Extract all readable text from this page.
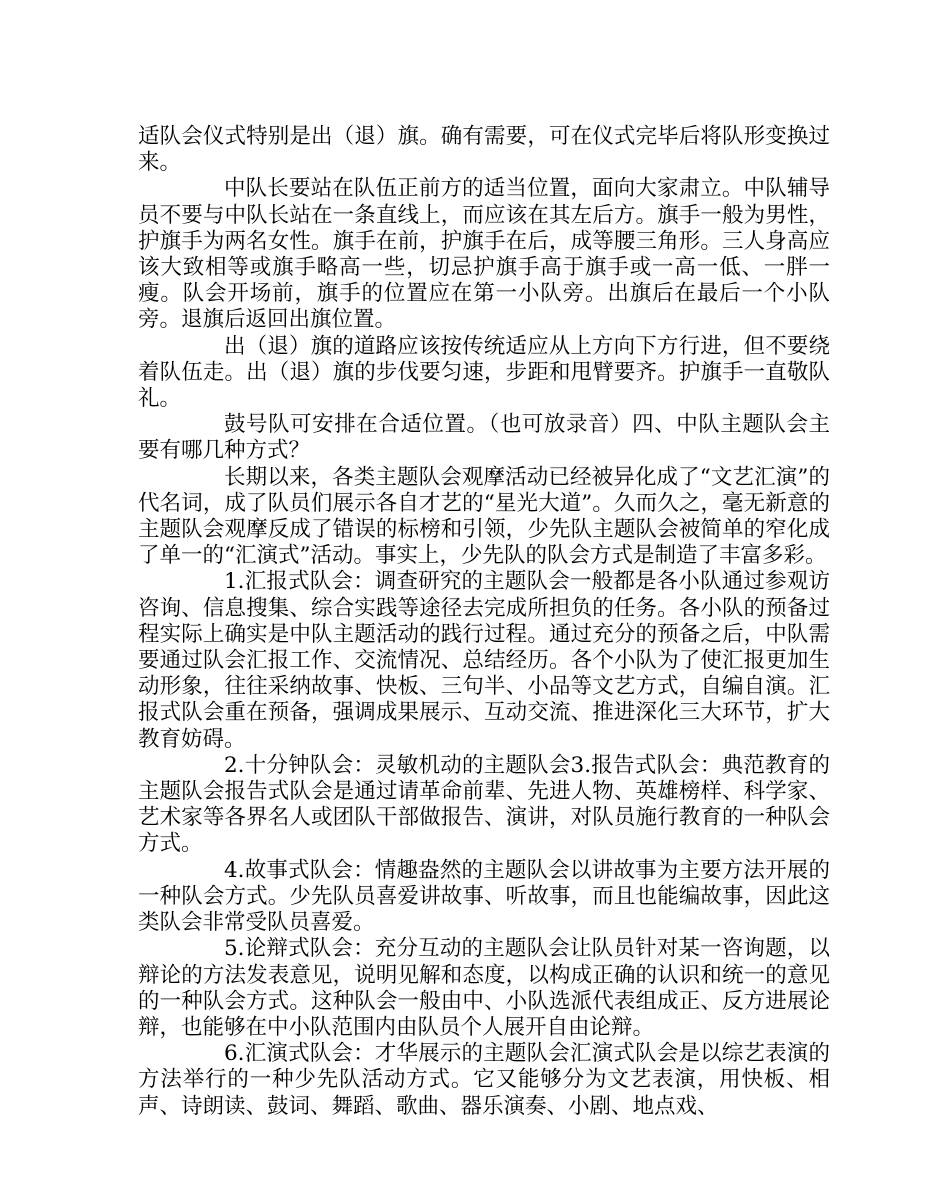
适队会仪式特别是出（退）旗。确有需要，可在仪式完毕后将队形变换过来。

中队长要站在队伍正前方的适当位置，面向大家肃立。中队辅导员不要与中队长站在一条直线上，而应该在其左后方。旗手一般为男性，护旗手为两名女性。旗手在前，护旗手在后，成等腰三角形。三人身高应该大致相等或旗手略高一些，切忌护旗手高于旗手或一高一低、一胖一瘦。队会开场前，旗手的位置应在第一小队旁。出旗后在最后一个小队旁。退旗后返回出旗位置。

出（退）旗的道路应该按传统适应从上方向下方行进，但不要绕着队伍走。出（退）旗的步伐要匀速，步距和甩臂要齐。护旗手一直敬队礼。

鼓号队可安排在合适位置。（也可放录音）四、中队主题队会主要有哪几种方式？

长期以来，各类主题队会观摩活动已经被异化成了“文艺汇演”的代名词，成了队员们展示各自才艺的“星光大道”。久而久之，毫无新意的主题队会观摩反成了错误的标榜和引领，少先队主题队会被简单的窄化成了单一的“汇演式”活动。事实上，少先队的队会方式是制造了丰富多彩。

1.汇报式队会：调查研究的主题队会一般都是各小队通过参观访咨询、信息搜集、综合实践等途径去完成所担负的任务。各小队的预备过程实际上确实是中队主题活动的践行过程。通过充分的预备之后，中队需要通过队会汇报工作、交流情况、总结经历。各个小队为了使汇报更加生动形象，往往采纳故事、快板、三句半、小品等文艺方式，自编自演。汇报式队会重在预备，强调成果展示、互动交流、推进深化三大环节，扩大教育妨碍。

2.十分钟队会：灵敏机动的主题队会3.报告式队会：典范教育的主题队会报告式队会是通过请革命前辈、先进人物、英雄榜样、科学家、艺术家等各界名人或团队干部做报告、演讲，对队员施行教育的一种队会方式。

4.故事式队会：情趣盎然的主题队会以讲故事为主要方法开展的一种队会方式。少先队员喜爱讲故事、听故事，而且也能编故事，因此这类队会非常受队员喜爱。

5.论辩式队会：充分互动的主题队会让队员针对某一咨询题，以辩论的方法发表意见，说明见解和态度，以构成正确的认识和统一的意见的一种队会方式。这种队会一般由中、小队选派代表组成正、反方进展论辩，也能够在中小队范围内由队员个人展开自由论辩。

6.汇演式队会：才华展示的主题队会汇演式队会是以综艺表演的方法举行的一种少先队活动方式。它又能够分为文艺表演，用快板、相声、诗朗读、鼓词、舞蹈、歌曲、器乐演奏、小剧、地点戏、
